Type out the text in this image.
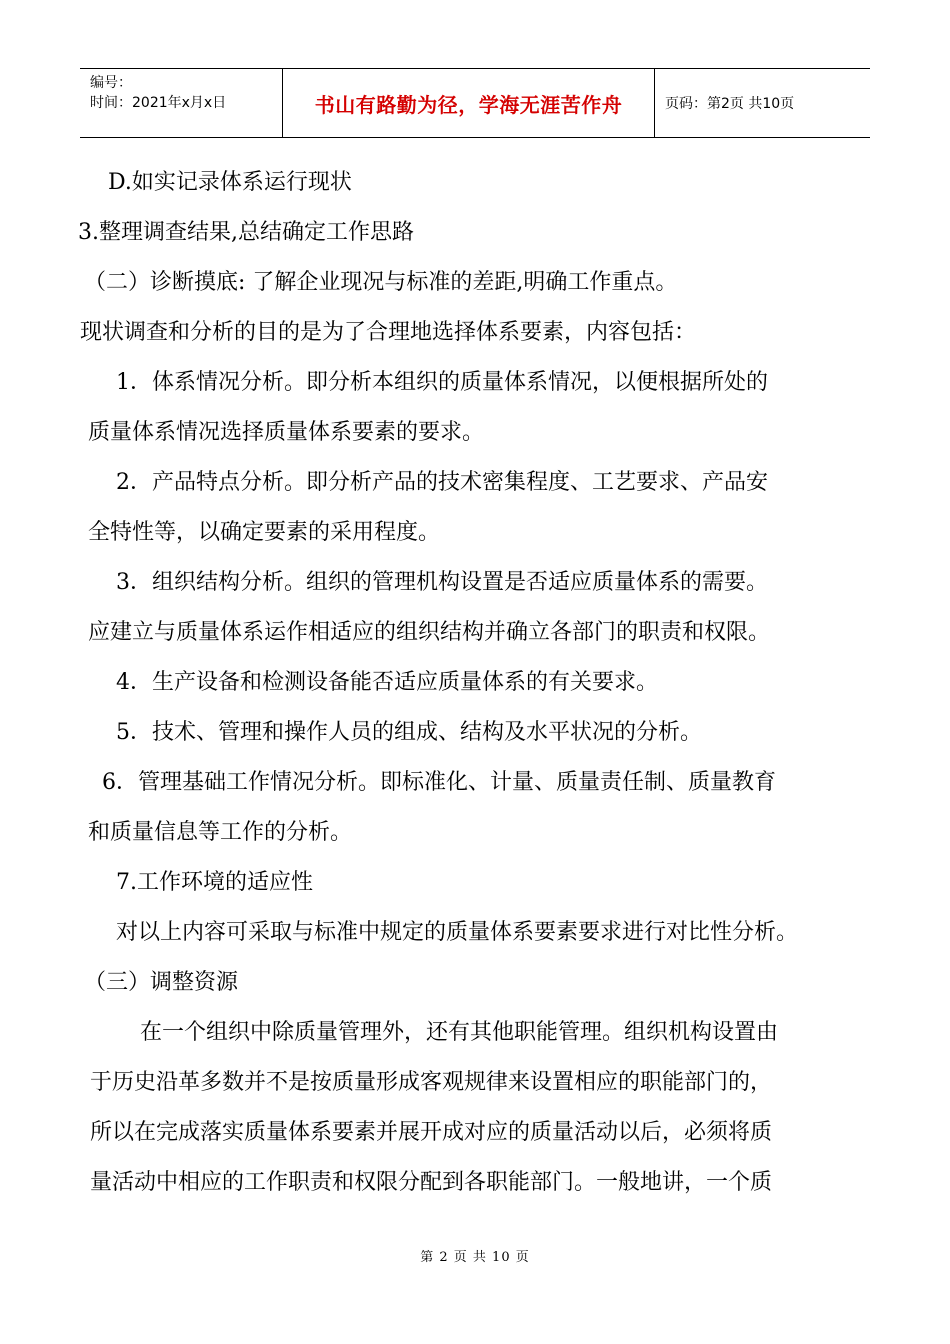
编号：
时间：2021年x月x日	书山有路勤为径，学海无涯苦作舟	页码：第2页 共10页
D.如实记录体系运行现状
3.整理调查结果,总结确定工作思路
（二）诊断摸底: 了解企业现况与标准的差距,明确工作重点。
现状调查和分析的目的是为了合理地选择体系要素，内容包括：
1．体系情况分析。即分析本组织的质量体系情况，以便根据所处的
质量体系情况选择质量体系要素的要求。
2．产品特点分析。即分析产品的技术密集程度、工艺要求、产品安
全特性等，以确定要素的采用程度。
3．组织结构分析。组织的管理机构设置是否适应质量体系的需要。
应建立与质量体系运作相适应的组织结构并确立各部门的职责和权限。
4．生产设备和检测设备能否适应质量体系的有关要求。
5．技术、管理和操作人员的组成、结构及水平状况的分析。
6．管理基础工作情况分析。即标准化、计量、质量责任制、质量教育
和质量信息等工作的分析。
7.工作环境的适应性
对以上内容可采取与标准中规定的质量体系要素要求进行对比性分析。
（三）调整资源
在一个组织中除质量管理外，还有其他职能管理。组织机构设置由
于历史沿革多数并不是按质量形成客观规律来设置相应的职能部门的，
所以在完成落实质量体系要素并展开成对应的质量活动以后，必须将质
量活动中相应的工作职责和权限分配到各职能部门。一般地讲，一个质
第 2 页 共 10 页
